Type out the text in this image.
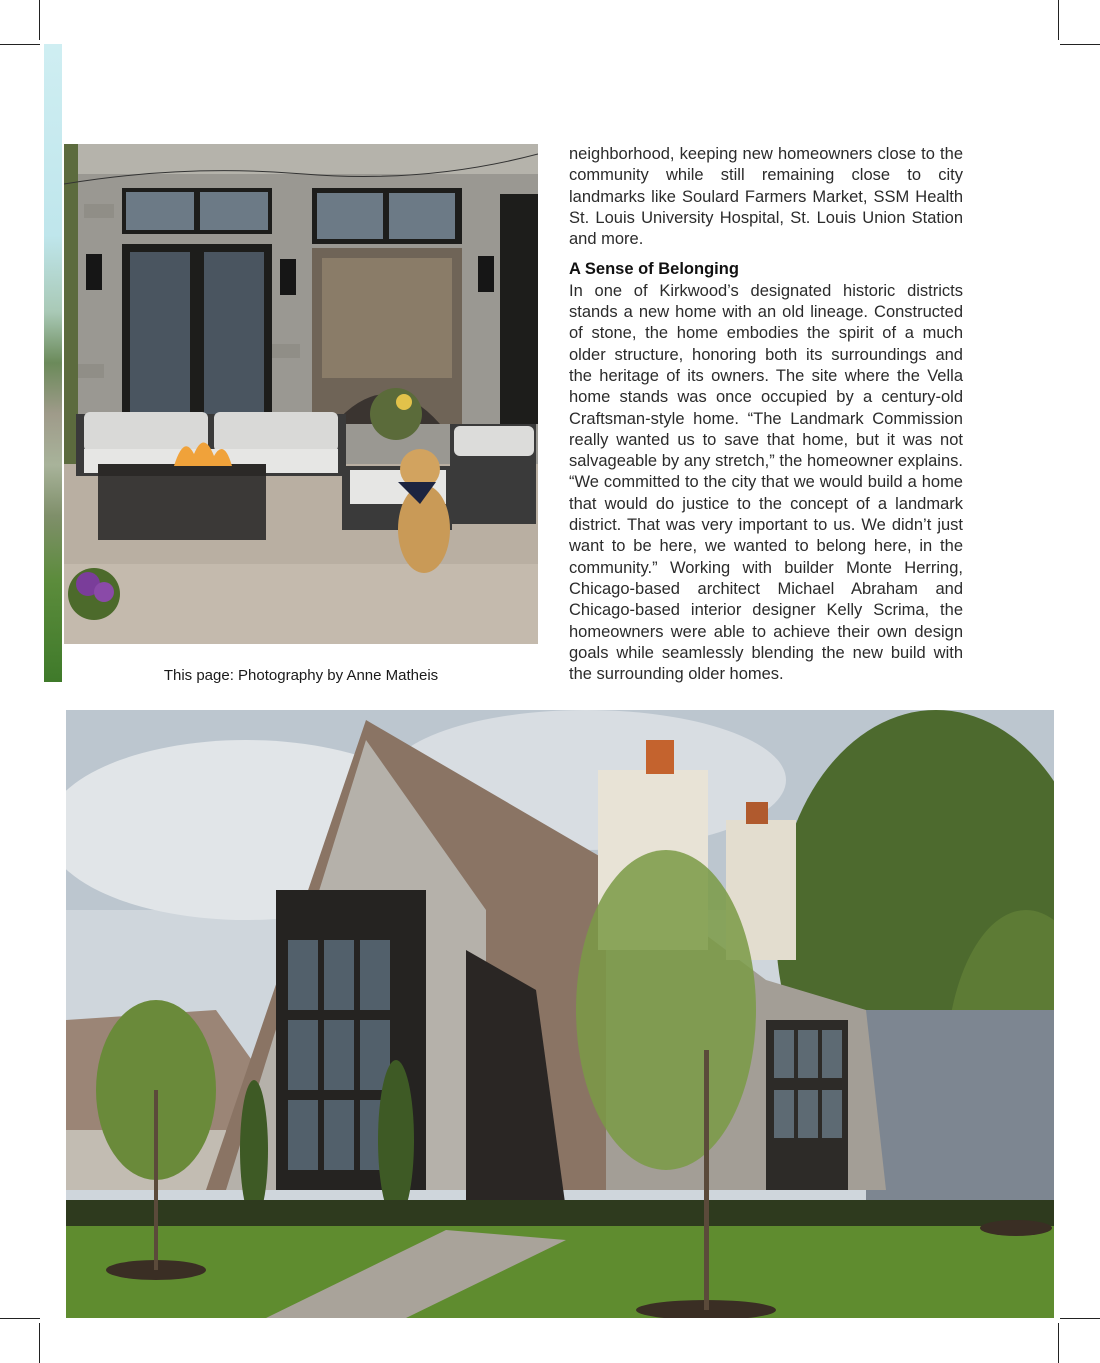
This page: Photography by Anne Matheis

neighborhood, keeping new homeowners close to the community while still remaining close to city landmarks like Soulard Farmers Market, SSM Health St. Louis University Hospital, St. Louis Union Station and more.

A Sense of Belonging

In one of Kirkwood’s designated historic districts stands a new home with an old lineage. Constructed of stone, the home embodies the spirit of a much older structure, honoring both its surroundings and the heritage of its owners. The site where the Vella home stands was once occupied by a century-old Craftsman-style home. “The Landmark Commission really wanted us to save that home, but it was not salvageable by any stretch,” the homeowner explains. “We committed to the city that we would build a home that would do justice to the concept of a landmark district. That was very important to us. We didn’t just want to be here, we wanted to belong here, in the community.” Working with builder Monte Herring, Chicago-based architect Michael Abraham and Chicago-based interior designer Kelly Scrima, the homeowners were able to achieve their own design goals while seamlessly blending the new build with the surrounding older homes.
